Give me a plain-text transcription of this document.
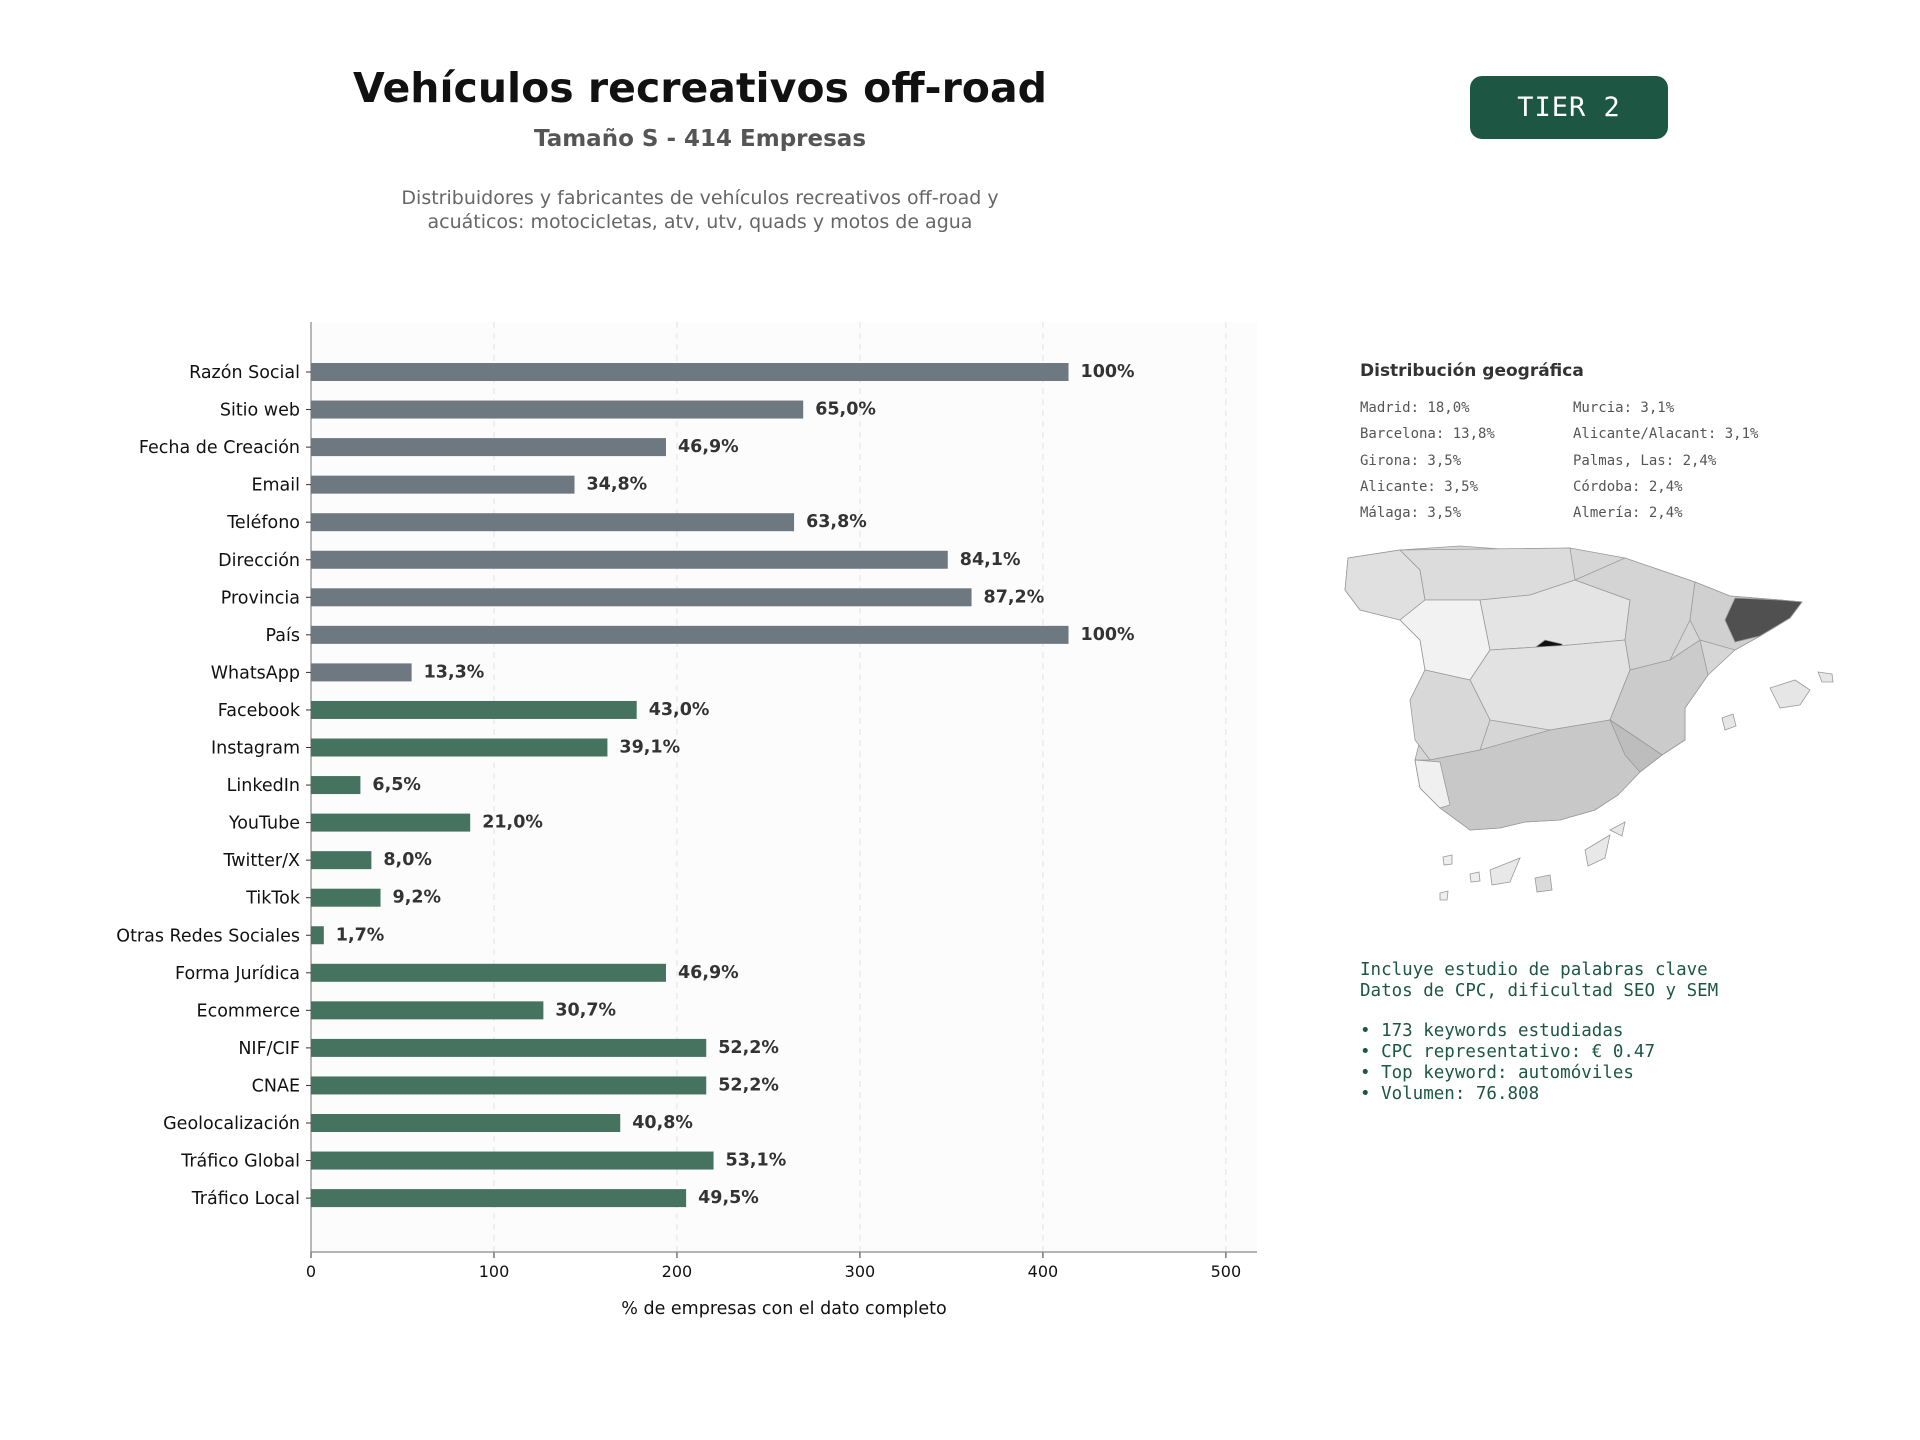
Vehículos recreativos off-road
Tamaño S - 414 Empresas
Distribuidores y fabricantes de vehículos recreativos off-road y
acuáticos: motocicletas, atv, utv, quads y motos de agua
TIER 2
0	100	200	300	400	500
Razón Social	100%
Sitio web	65,0%
Fecha de Creación	46,9%
Email	34,8%
Teléfono	63,8%
Dirección	84,1%
Provincia	87,2%
País	100%
WhatsApp	13,3%
Facebook	43,0%
Instagram	39,1%
LinkedIn	6,5%
YouTube	21,0%
Twitter/X	8,0%
TikTok	9,2%
Otras Redes Sociales 1,7%
Forma Jurídica	46,9%
Ecommerce	30,7%
NIF/CIF	52,2%
CNAE	52,2%
Geolocalización	40,8%
Tráfico Global	53,1%
Tráfico Local	49,5%
% de empresas con el dato completo
Distribución geográfica
Madrid: 18,0%
Barcelona: 13,8%
Girona: 3,5%
Alicante: 3,5%
Málaga: 3,5%
Murcia: 3,1%
Alicante/Alacant: 3,1%
Palmas, Las: 2,4%
Córdoba: 2,4%
Almería: 2,4%
Incluye estudio de palabras clave
Datos de CPC, dificultad SEO y SEM
• 173 keywords estudiadas
• CPC representativo: € 0.47
• Top keyword: automóviles
• Volumen: 76.808
